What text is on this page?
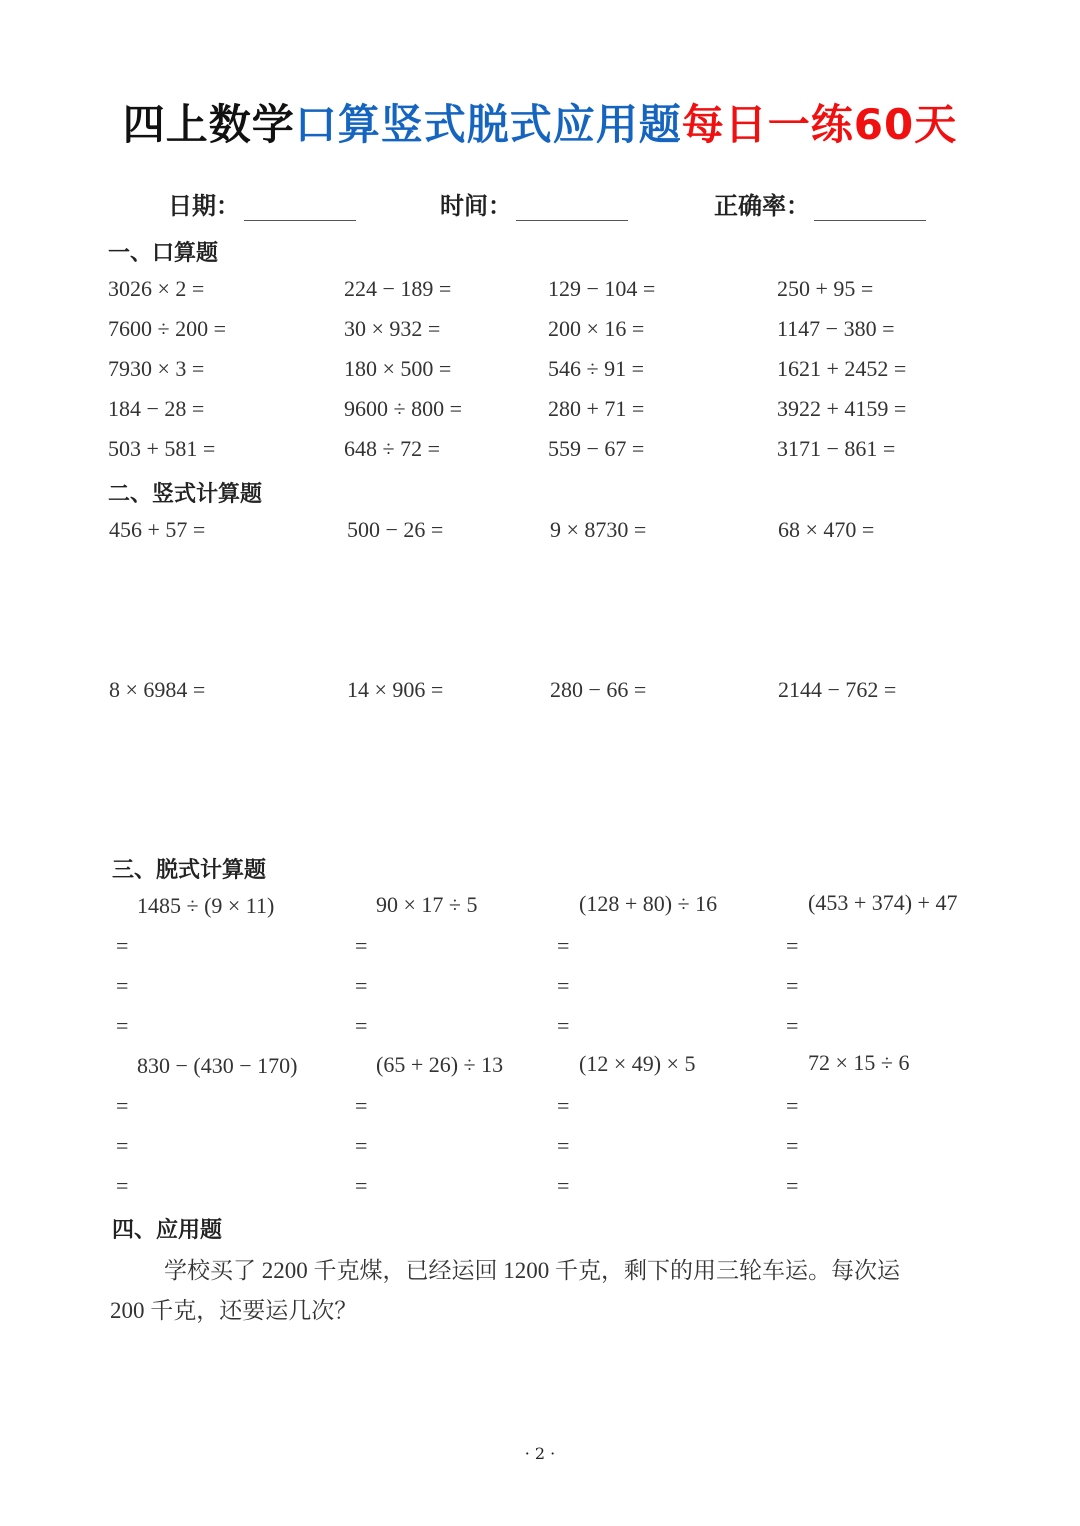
四上数学口算竖式脱式应用题每日一练60天
日期：	时间：	正确率：
一、口算题
二、竖式计算题
三、脱式计算题
四、应用题
3026 × 2 =	224 − 189 =	129 − 104 =	250 + 95 =
7600 ÷ 200 =	30 × 932 =	200 × 16 =	1147 − 380 =
7930 × 3 =	180 × 500 =	546 ÷ 91 =	1621 + 2452 =
184 − 28 =	9600 ÷ 800 =	280 + 71 =	3922 + 4159 =
503 + 581 =	648 ÷ 72 =	559 − 67 =	3171 − 861 =
456 + 57 =	500 − 26 =	9 × 8730 =	68 × 470 =
8 × 6984 =	14 × 906 =	280 − 66 =	2144 − 762 =
1485 ÷ (9 × 11)
=
=
=
90 × 17 ÷ 5
=
=
=
(128 + 80) ÷ 16
=
=
=
(453 + 374) + 47
=
=
=
830 − (430 − 170)
=
=
=
(65 + 26) ÷ 13
=
=
=
(12 × 49) × 5
=
=
=
72 × 15 ÷ 6
=
=
=
学校买了 2200 千克煤，已经运回 1200 千克，剩下的用三轮车运。每次运
200 千克，还要运几次？
· 2 ·
